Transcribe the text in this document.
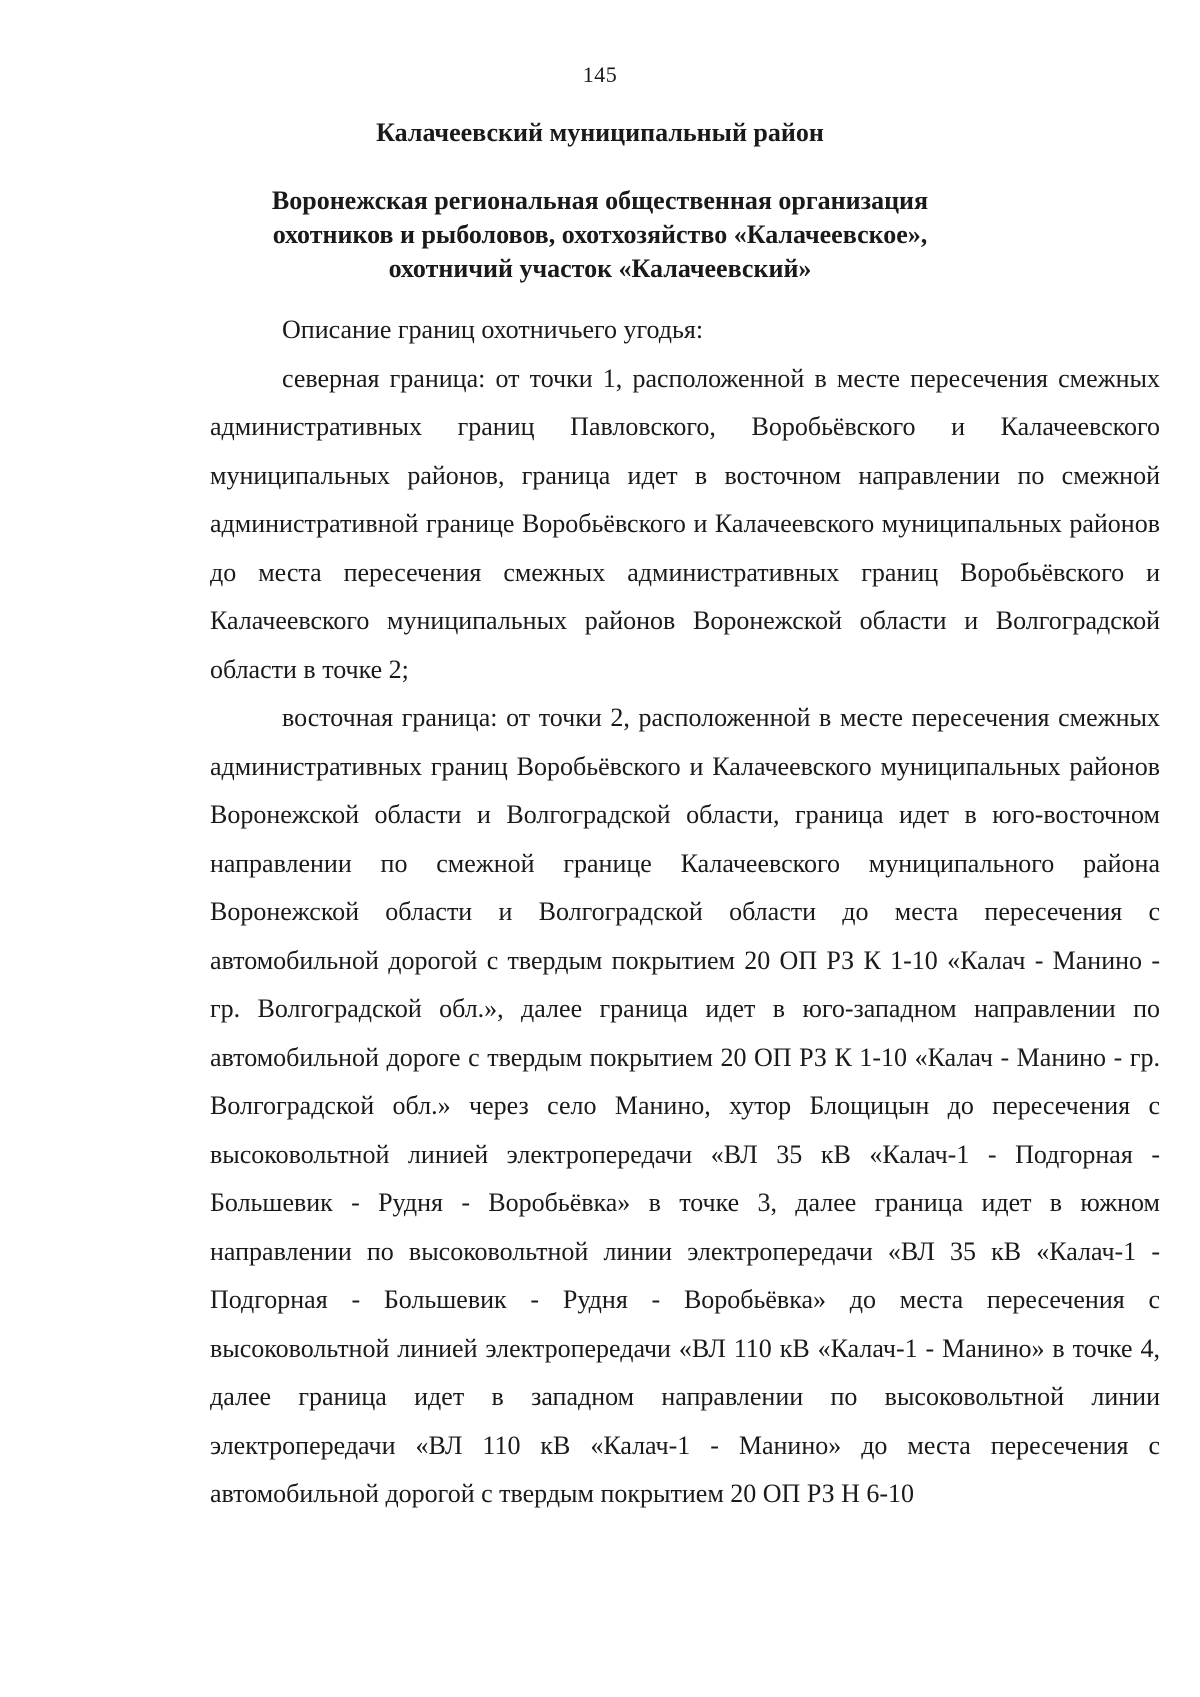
145
Калачеевский муниципальный район
Воронежская региональная общественная организация
охотников и рыболовов, охотхозяйство «Калачеевское»,
охотничий участок «Калачеевский»

Описание границ охотничьего угодья:

северная граница: от точки 1, расположенной в месте пересечения смежных административных границ Павловского, Воробьёвского и Калачеевского муниципальных районов, граница идет в восточном направлении по смежной административной границе Воробьёвского и Калачеевского муниципальных районов до места пересечения смежных административных границ Воробьёвского и Калачеевского муниципальных районов Воронежской области и Волгоградской области в точке 2;

восточная граница: от точки 2, расположенной в месте пересечения смежных административных границ Воробьёвского и Калачеевского муниципальных районов Воронежской области и Волгоградской области, граница идет в юго-восточном направлении по смежной границе Калачеевского муниципального района Воронежской области и Волгоградской области до места пересечения с автомобильной дорогой с твердым покрытием 20 ОП РЗ К 1-10 «Калач - Манино - гр. Волгоградской обл.», далее граница идет в юго-западном направлении по автомобильной дороге с твердым покрытием 20 ОП РЗ К 1-10 «Калач - Манино - гр. Волгоградской обл.» через село Манино, хутор Блощицын до пересечения с высоковольтной линией электропередачи «ВЛ 35 кВ «Калач-1 - Подгорная - Большевик - Рудня - Воробьёвка» в точке 3, далее граница идет в южном направлении по высоковольтной линии электропередачи «ВЛ 35 кВ «Калач-1 - Подгорная - Большевик - Рудня - Воробьёвка» до места пересечения с высоковольтной линией электропередачи «ВЛ 110 кВ «Калач-1 - Манино» в точке 4, далее граница идет в западном направлении по высоковольтной линии электропередачи «ВЛ 110 кВ «Калач-1 - Манино» до места пересечения с автомобильной дорогой с твердым покрытием 20 ОП РЗ Н 6-10
